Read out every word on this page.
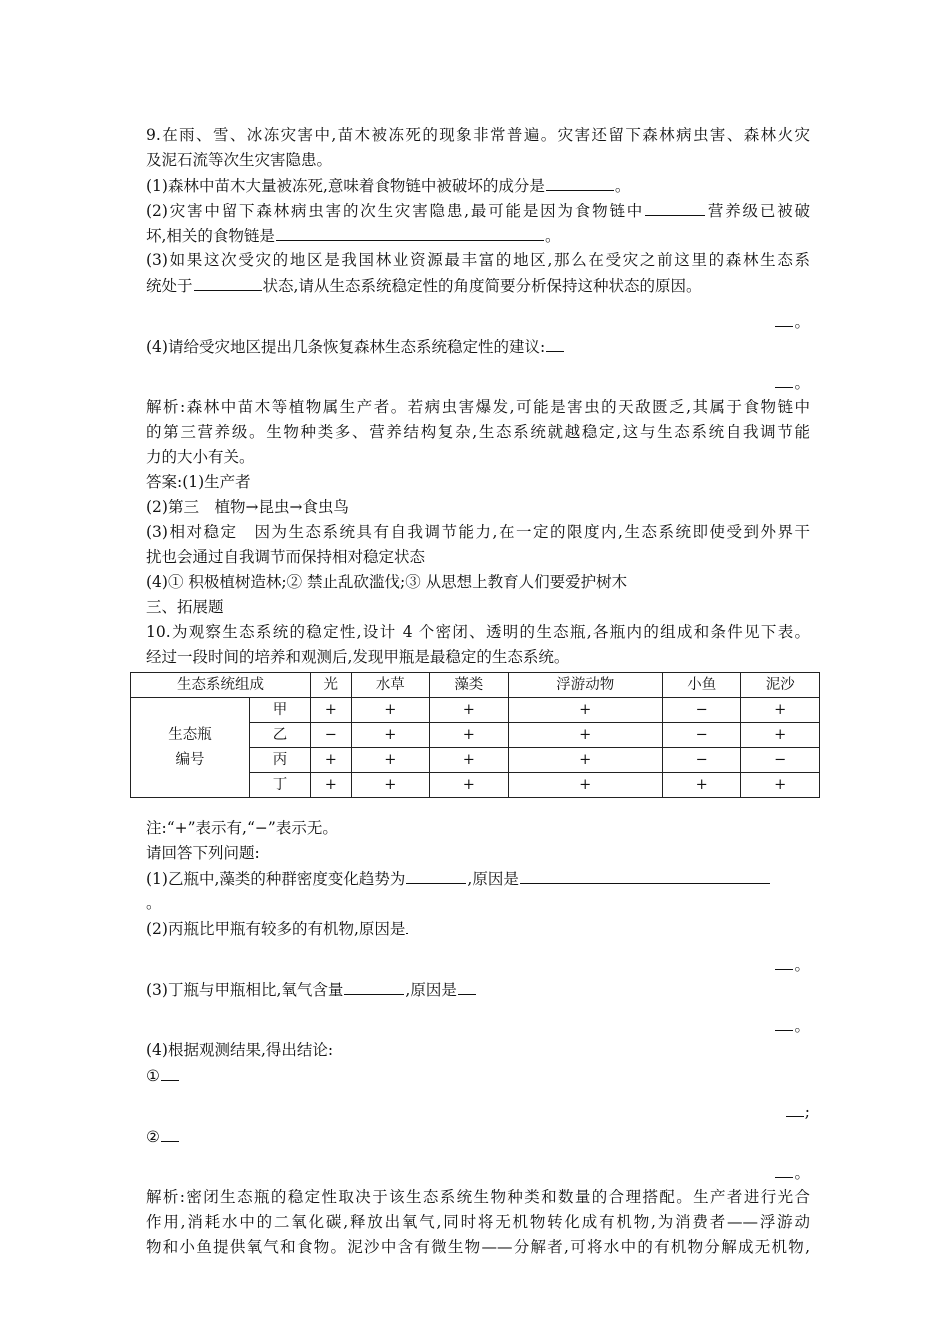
9.在雨、雪、冰冻灾害中,苗木被冻死的现象非常普遍。灾害还留下森林病虫害、森林火灾
及泥石流等次生灾害隐患。
(1)森林中苗木大量被冻死,意味着食物链中被破坏的成分是	。
(2)灾害中留下森林病虫害的次生灾害隐患,最可能是因为食物链中	营养级已被破
坏,相关的食物链是	。
(3)如果这次受灾的地区是我国林业资源最丰富的地区,那么在受灾之前这里的森林生态系
统处于	状态,请从生态系统稳定性的角度简要分析保持这种状态的原因。
。
(4)请给受灾地区提出几条恢复森林生态系统稳定性的建议:
。
解析:森林中苗木等植物属生产者。若病虫害爆发,可能是害虫的天敌匮乏,其属于食物链中
的第三营养级。生物种类多、营养结构复杂,生态系统就越稳定,这与生态系统自我调节能
力的大小有关。
答案:(1)生产者
(2)第三　植物→昆虫→食虫鸟
(3)相对稳定　因为生态系统具有自我调节能力,在一定的限度内,生态系统即使受到外界干
扰也会通过自我调节而保持相对稳定状态
(4)① 积极植树造林;② 禁止乱砍滥伐;③ 从思想上教育人们要爱护树木
三、拓展题
10.为观察生态系统的稳定性,设计 4 个密闭、透明的生态瓶,各瓶内的组成和条件见下表。
经过一段时间的培养和观测后,发现甲瓶是最稳定的生态系统。
生态系统组成		光	水草	藻类	浮游动物	小鱼	泥沙

生态瓶
编号	甲	+	+	+	+	−	+
	乙	−	+	+	+	−	+
	丙	+	+	+	+	−	−
	丁	+	+	+	+	+	+
注:“+”表示有,“−”表示无。
请回答下列问题:
(1)乙瓶中,藻类的种群密度变化趋势为	,原因是
。
(2)丙瓶比甲瓶有较多的有机物,原因是
。
(3)丁瓶与甲瓶相比,氧气含量	,原因是
。
(4)根据观测结果,得出结论:
①
;
②
。
解析:密闭生态瓶的稳定性取决于该生态系统生物种类和数量的合理搭配。生产者进行光合
作用,消耗水中的二氧化碳,释放出氧气,同时将无机物转化成有机物,为消费者——浮游动
物和小鱼提供氧气和食物。泥沙中含有微生物——分解者,可将水中的有机物分解成无机物,
